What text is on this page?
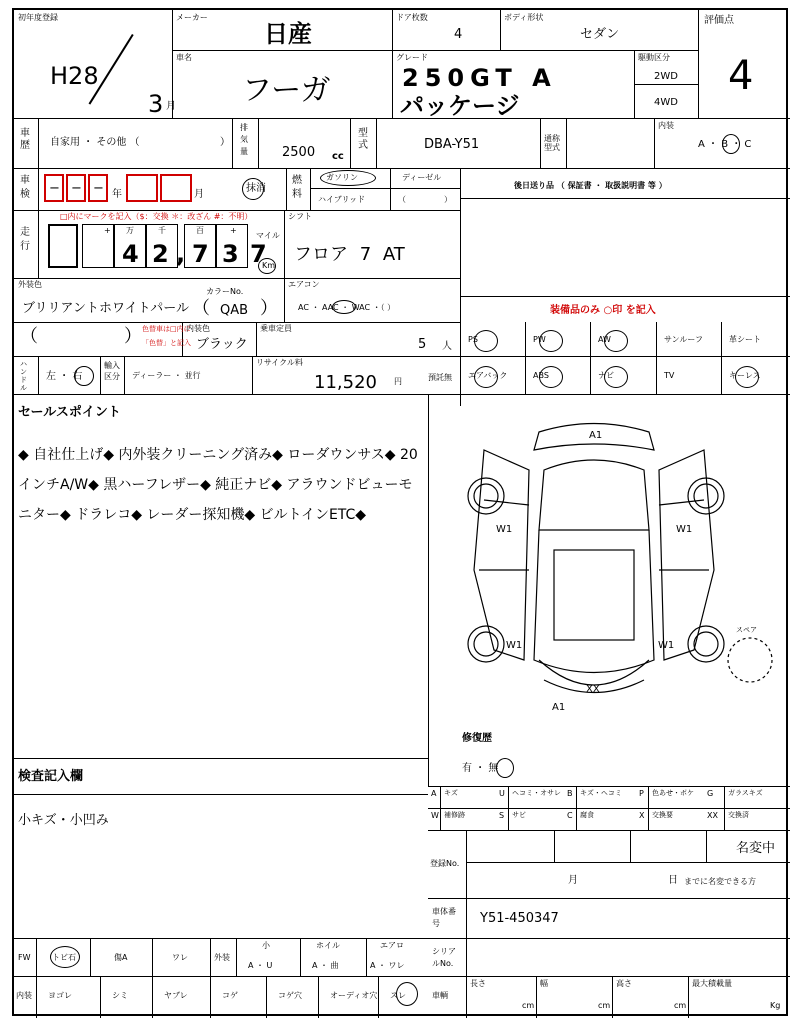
初年度登録
H28
3 月
メーカー
日産
ドア枚数
4
ボディ形状
セダン
評価点
4
車名
フーガ
グレード
250GT A
パッケージ
駆動区分
2WD
4WD
車歴 自家用 ・ その他 （	）
排気量	2500 cc
型式	DBA-Y51	通称型式
内装
A ・ B ・ C
車検 − − − 年	月
抹消
燃料
ガソリン	ディーゼル
ハイブリッド	（	）
後日送り品 （ 保証書 ・ 取扱説明書 等 ）
走行
□内にマークを記入（$：交換 ＊：改ざん #：不明）
+ 万	千	百	+
4 2 , 7 3 7
マイル
Km
シフト
フロア 7 AT
外装色
ブリリアントホワイトパール
カラーNo.
（ QAB ）
エアコン
AC ・ AAC ・ WAC ・（ ）	装備品のみ ○印 を記入
（	） 色替車は□内に
「色替」と記入
内装色
ブラック
乗車定員
5 人
PS	PW	AW	サンルーフ	革シート
エアバック	ABS	ナビ	TV	キーレス
ハンドル
左 ・ 右
輸入区分	ディーラー ・ 並行
リサイクル料
11,520 円	預託無
セールスポイント
◆ 自社仕上げ◆ 内外装クリーニング済み◆ ローダウンサス◆ 20インチA/W◆ 黒ハーフレザー◆ 純正ナビ◆ アラウンドビューモニター◆ ドラレコ◆ レーダー探知機◆ ビルトインETC◆
A1
W1	W1
W1	W1
XX
A1
スペア
修復歴
有 ・ 無
検査記入欄
小キズ・小凹み
A キズ	U ヘコミ・オサレ B キズ・ヘコミ P 色あせ・ボケ G ガラスキズ
W 補修跡	S サビ	C 腐食	X 交換要	XX 交換済
登録No.
名変中
月	日 までに名変できる方
車体番号	Y51-450347
FW	トビ石	傷A	ワレ	外装
小
A ・ U
ホイル
A ・ 曲
エアロ
A ・ ワレ
シリアルNo.
ヨゴレ	シミ	ヤブレ	コゲ	コゲ穴	オーディオ穴 スレ
内装	車輌
長さ
cm
幅
cm
高さ
cm
最大積載量
Kg
